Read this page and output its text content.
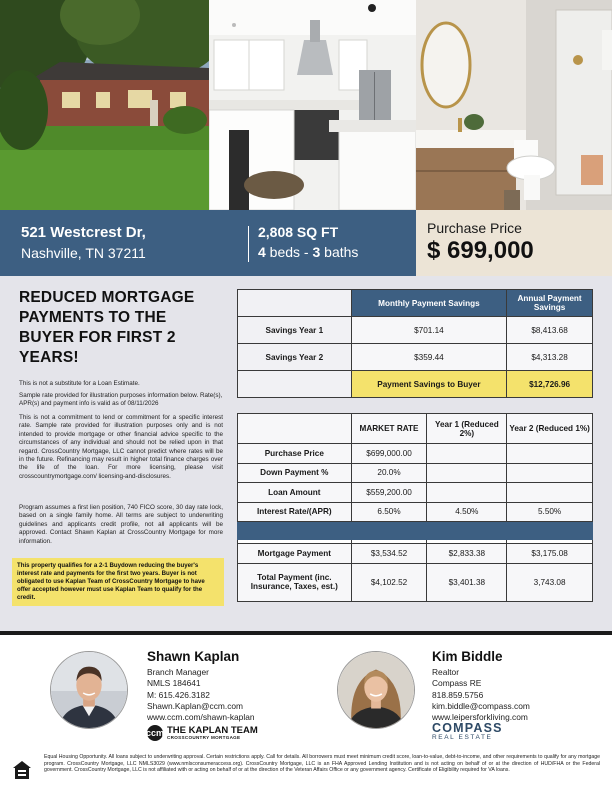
521 Westcrest Dr,
Nashville, TN 37211
2,808 SQ FT
4 beds - 3 baths
Purchase Price
$ 699,000
REDUCED MORTGAGE PAYMENTS TO THE BUYER FOR FIRST 2 YEARS!
This is not a substitute for a Loan Estimate.
Sample rate provided for illustration purposes information below. Rate(s), APR(s) and payment info is valid as of 08/11/2026
This is not a commitment to lend or commitment for a specific interest rate. Sample rate provided for illustration purposes only and is not intended to provide mortgage or other financial advice specific to the circumstances of any individual and should not be relied upon in that regard. CrossCountry Mortgage, LLC cannot predict where rates will be in the future. Refinancing may result in higher total finance charges over the life of the loan. For more licensing, please visit crosscountrymortgage.com/ licensing-and-disclosures.
Program assumes a first lien position, 740 FICO score, 30 day rate lock, based on a single family home. All terms are subject to underwriting guidelines and applicants credit profile, not all applicants will be approved. Contact Shawn Kaplan at CrossCountry Mortgage for more information.
This property qualifies for a 2-1 Buydown reducing the buyer's interest rate and payments for the first two years. Buyer is not obligated to use Kaplan Team of CrossCountry Mortgage to have offer accepted however must use Kaplan Team to qualify for the credit.
	Monthly Payment Savings	Annual Payment Savings
Savings Year 1	$701.14	$8,413.68
Savings Year 2	$359.44	$4,313.28
	Payment Savings to Buyer	$12,726.96
	MARKET RATE	Year 1 (Reduced 2%)	Year 2 (Reduced 1%)
Purchase Price	$699,000.00		
Down Payment %	20.0%		
Loan Amount	$559,200.00		
Interest Rate/(APR)	6.50%	4.50%	5.50%

Mortgage Payment	$3,534.52	$2,833.38	$3,175.08
Total Payment (inc. Insurance, Taxes, est.)	$4,102.52	$3,401.38	3,743.08
Shawn Kaplan
Branch Manager
NMLS 184641
M: 615.426.3182
Shawn.Kaplan@ccm.com
www.ccm.com/shawn-kaplan
ccm THE KAPLAN TEAM
CROSSCOUNTRY MORTGAGE
Kim Biddle
Realtor
Compass RE
818.859.5756
kim.biddle@compass.com
www.leipersforkliving.com
COMPASS
REAL ESTATE
Equal Housing Opportunity. All loans subject to underwriting approval. Certain restrictions apply. Call for details. All borrowers must meet minimum credit score, loan-to-value, debt-to-income, and other requirements to qualify for any mortgage program. CrossCountry Mortgage, LLC NMLS3029 (www.nmlsconsumeraccess.org). CrossCountry Mortgage, LLC is an FHA Approved Lending Institution and is not acting on behalf of or at the direction of HUD/FHA or the Federal government. CrossCountry Mortgage, LLC is not affiliated with or acting on behalf of or at the direction of the Veteran Affairs Office or any government agency. Certificate of Eligibility required for VA loans.
